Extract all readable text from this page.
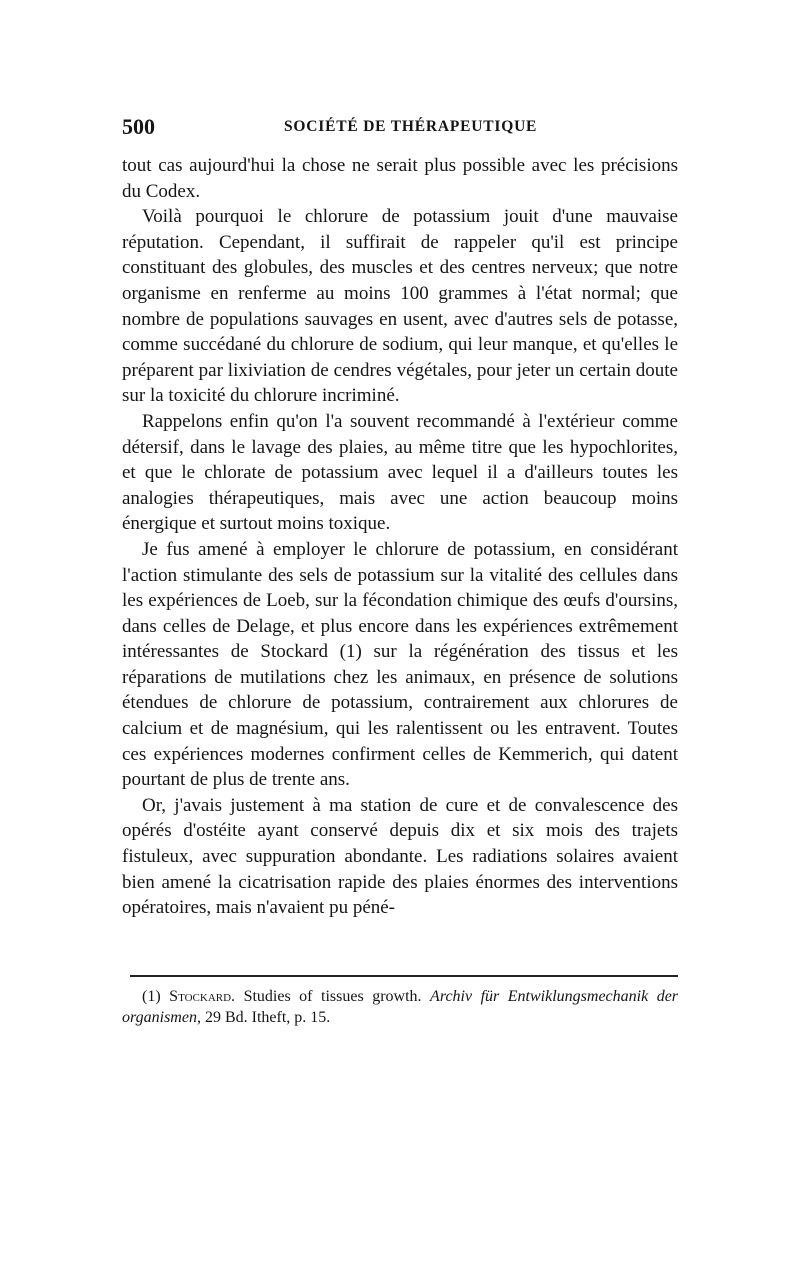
500	SOCIÉTÉ DE THÉRAPEUTIQUE

tout cas aujourd'hui la chose ne serait plus possible avec les précisions du Codex.

Voilà pourquoi le chlorure de potassium jouit d'une mauvaise réputation. Cependant, il suffirait de rappeler qu'il est principe constituant des globules, des muscles et des centres nerveux; que notre organisme en renferme au moins 100 grammes à l'état normal; que nombre de populations sauvages en usent, avec d'autres sels de potasse, comme succédané du chlorure de sodium, qui leur manque, et qu'elles le préparent par lixiviation de cendres végétales, pour jeter un certain doute sur la toxicité du chlorure incriminé.

Rappelons enfin qu'on l'a souvent recommandé à l'extérieur comme détersif, dans le lavage des plaies, au même titre que les hypochlorites, et que le chlorate de potassium avec lequel il a d'ailleurs toutes les analogies thérapeutiques, mais avec une action beaucoup moins énergique et surtout moins toxique.

Je fus amené à employer le chlorure de potassium, en considérant l'action stimulante des sels de potassium sur la vitalité des cellules dans les expériences de Loeb, sur la fécondation chimique des œufs d'oursins, dans celles de Delage, et plus encore dans les expériences extrêmement intéressantes de Stockard (1) sur la régénération des tissus et les réparations de mutilations chez les animaux, en présence de solutions étendues de chlorure de potassium, contrairement aux chlorures de calcium et de magnésium, qui les ralentissent ou les entravent. Toutes ces expériences modernes confirment celles de Kemmerich, qui datent pourtant de plus de trente ans.

Or, j'avais justement à ma station de cure et de convalescence des opérés d'ostéite ayant conservé depuis dix et six mois des trajets fistuleux, avec suppuration abondante. Les radiations solaires avaient bien amené la cicatrisation rapide des plaies énormes des interventions opératoires, mais n'avaient pu péné-

(1) Stockard. Studies of tissues growth. Archiv für Entwiklungsmechanik der organismen, 29 Bd. Itheft, p. 15.
